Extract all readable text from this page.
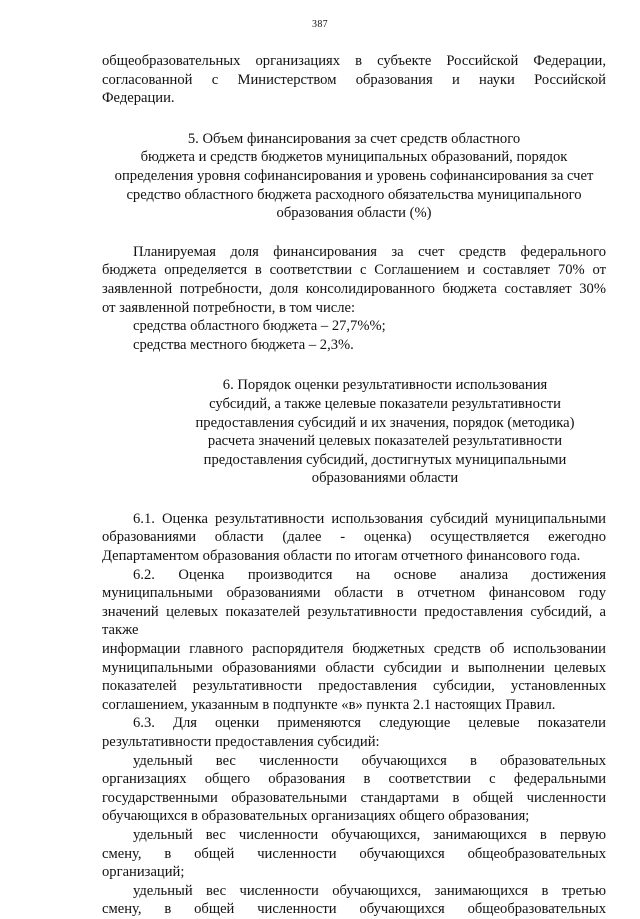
387
общеобразовательных организациях в субъекте Российской Федерации,
согласованной с Министерством образования и науки Российской
Федерации.
5. Объем финансирования за счет средств областного
бюджета и средств бюджетов муниципальных образований, порядок
определения уровня софинансирования и уровень софинансирования за счет
средство областного бюджета расходного обязательства муниципального
образования области (%)
Планируемая доля финансирования за счет средств федерального
бюджета определяется в соответствии с Соглашением и составляет 70% от
заявленной потребности, доля консолидированного бюджета составляет 30%
от заявленной потребности, в том числе:
средства областного бюджета – 27,7%%;
средства местного бюджета – 2,3%.
6. Порядок оценки результативности использования
субсидий, а также целевые показатели результативности
предоставления субсидий и их значения, порядок (методика)
расчета значений целевых показателей результативности
предоставления субсидий, достигнутых муниципальными
образованиями области
6.1. Оценка результативности использования субсидий муниципальными
образованиями области (далее - оценка) осуществляется ежегодно
Департаментом образования области по итогам отчетного финансового года.
6.2. Оценка производится на основе анализа достижения
муниципальными образованиями области в отчетном финансовом году
значений целевых показателей результативности предоставления субсидий, а также
информации главного распорядителя бюджетных средств об использовании
муниципальными образованиями области субсидии и выполнении целевых
показателей результативности предоставления субсидии, установленных
соглашением, указанным в подпункте «в» пункта 2.1 настоящих Правил.
6.3. Для оценки применяются следующие целевые показатели
результативности предоставления субсидий:
удельный вес численности обучающихся в образовательных
организациях общего образования в соответствии с федеральными
государственными образовательными стандартами в общей численности
обучающихся в образовательных организациях общего образования;
удельный вес численности обучающихся, занимающихся в первую
смену, в общей численности обучающихся общеобразовательных
организаций;
удельный вес численности обучающихся, занимающихся в третью
смену, в общей численности обучающихся общеобразовательных
